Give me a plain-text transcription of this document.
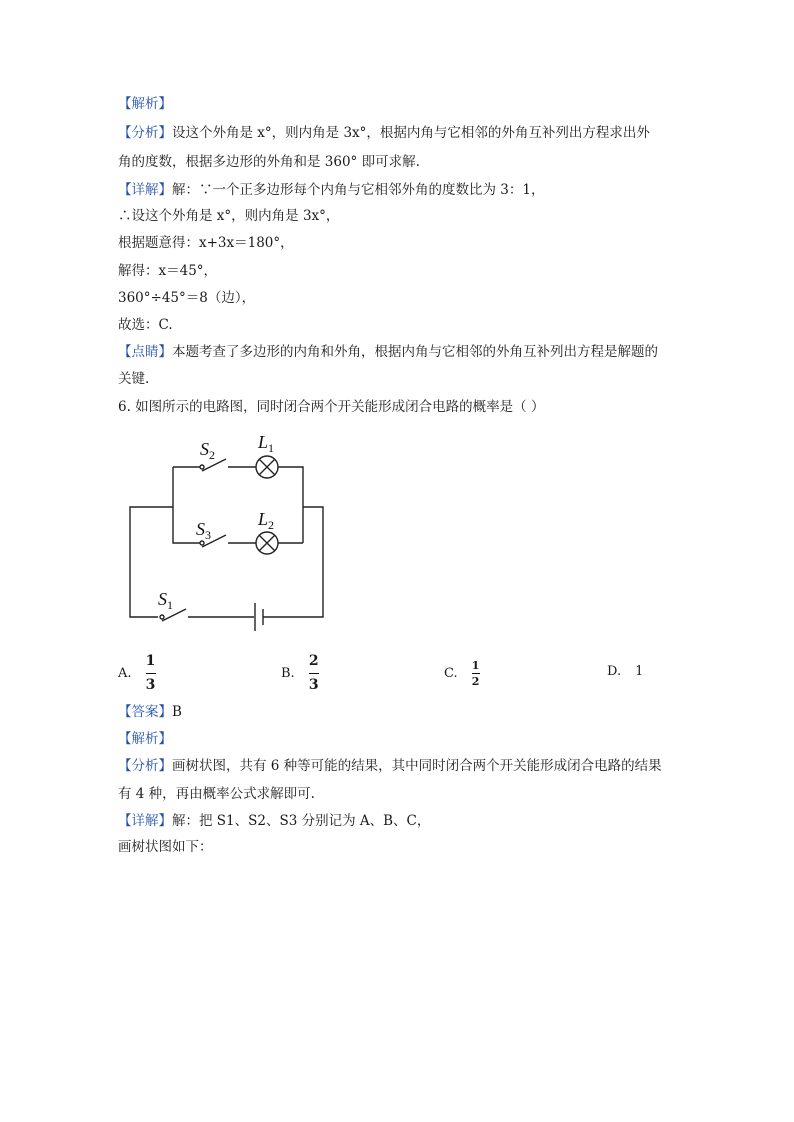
【解析】
【分析】设这个外角是 x°，则内角是 3x°，根据内角与它相邻的外角互补列出方程求出外
角的度数，根据多边形的外角和是 360° 即可求解.
【详解】解：∵一个正多边形每个内角与它相邻外角的度数比为 3：1，
∴设这个外角是 x°，则内角是 3x°，
根据题意得：x+3x＝180°，
解得：x＝45°，
360°÷45°＝8（边），
故选：C.
【点睛】本题考查了多边形的内角和外角，根据内角与它相邻的外角互补列出方程是解题的
关键.
6. 如图所示的电路图，同时闭合两个开关能形成闭合电路的概率是（ ）
$S_2$
$L_1$
$S_3$
$L_2$
$S_1$
A. $\frac{1}{3}$	B. $\frac{2}{3}$	C. $\frac{1}{2}$	D. 1
【答案】B
【解析】
【分析】画树状图，共有 6 种等可能的结果，其中同时闭合两个开关能形成闭合电路的结果
有 4 种，再由概率公式求解即可.
【详解】解：把 S1、S2、S3 分别记为 A、B、C，
画树状图如下：
